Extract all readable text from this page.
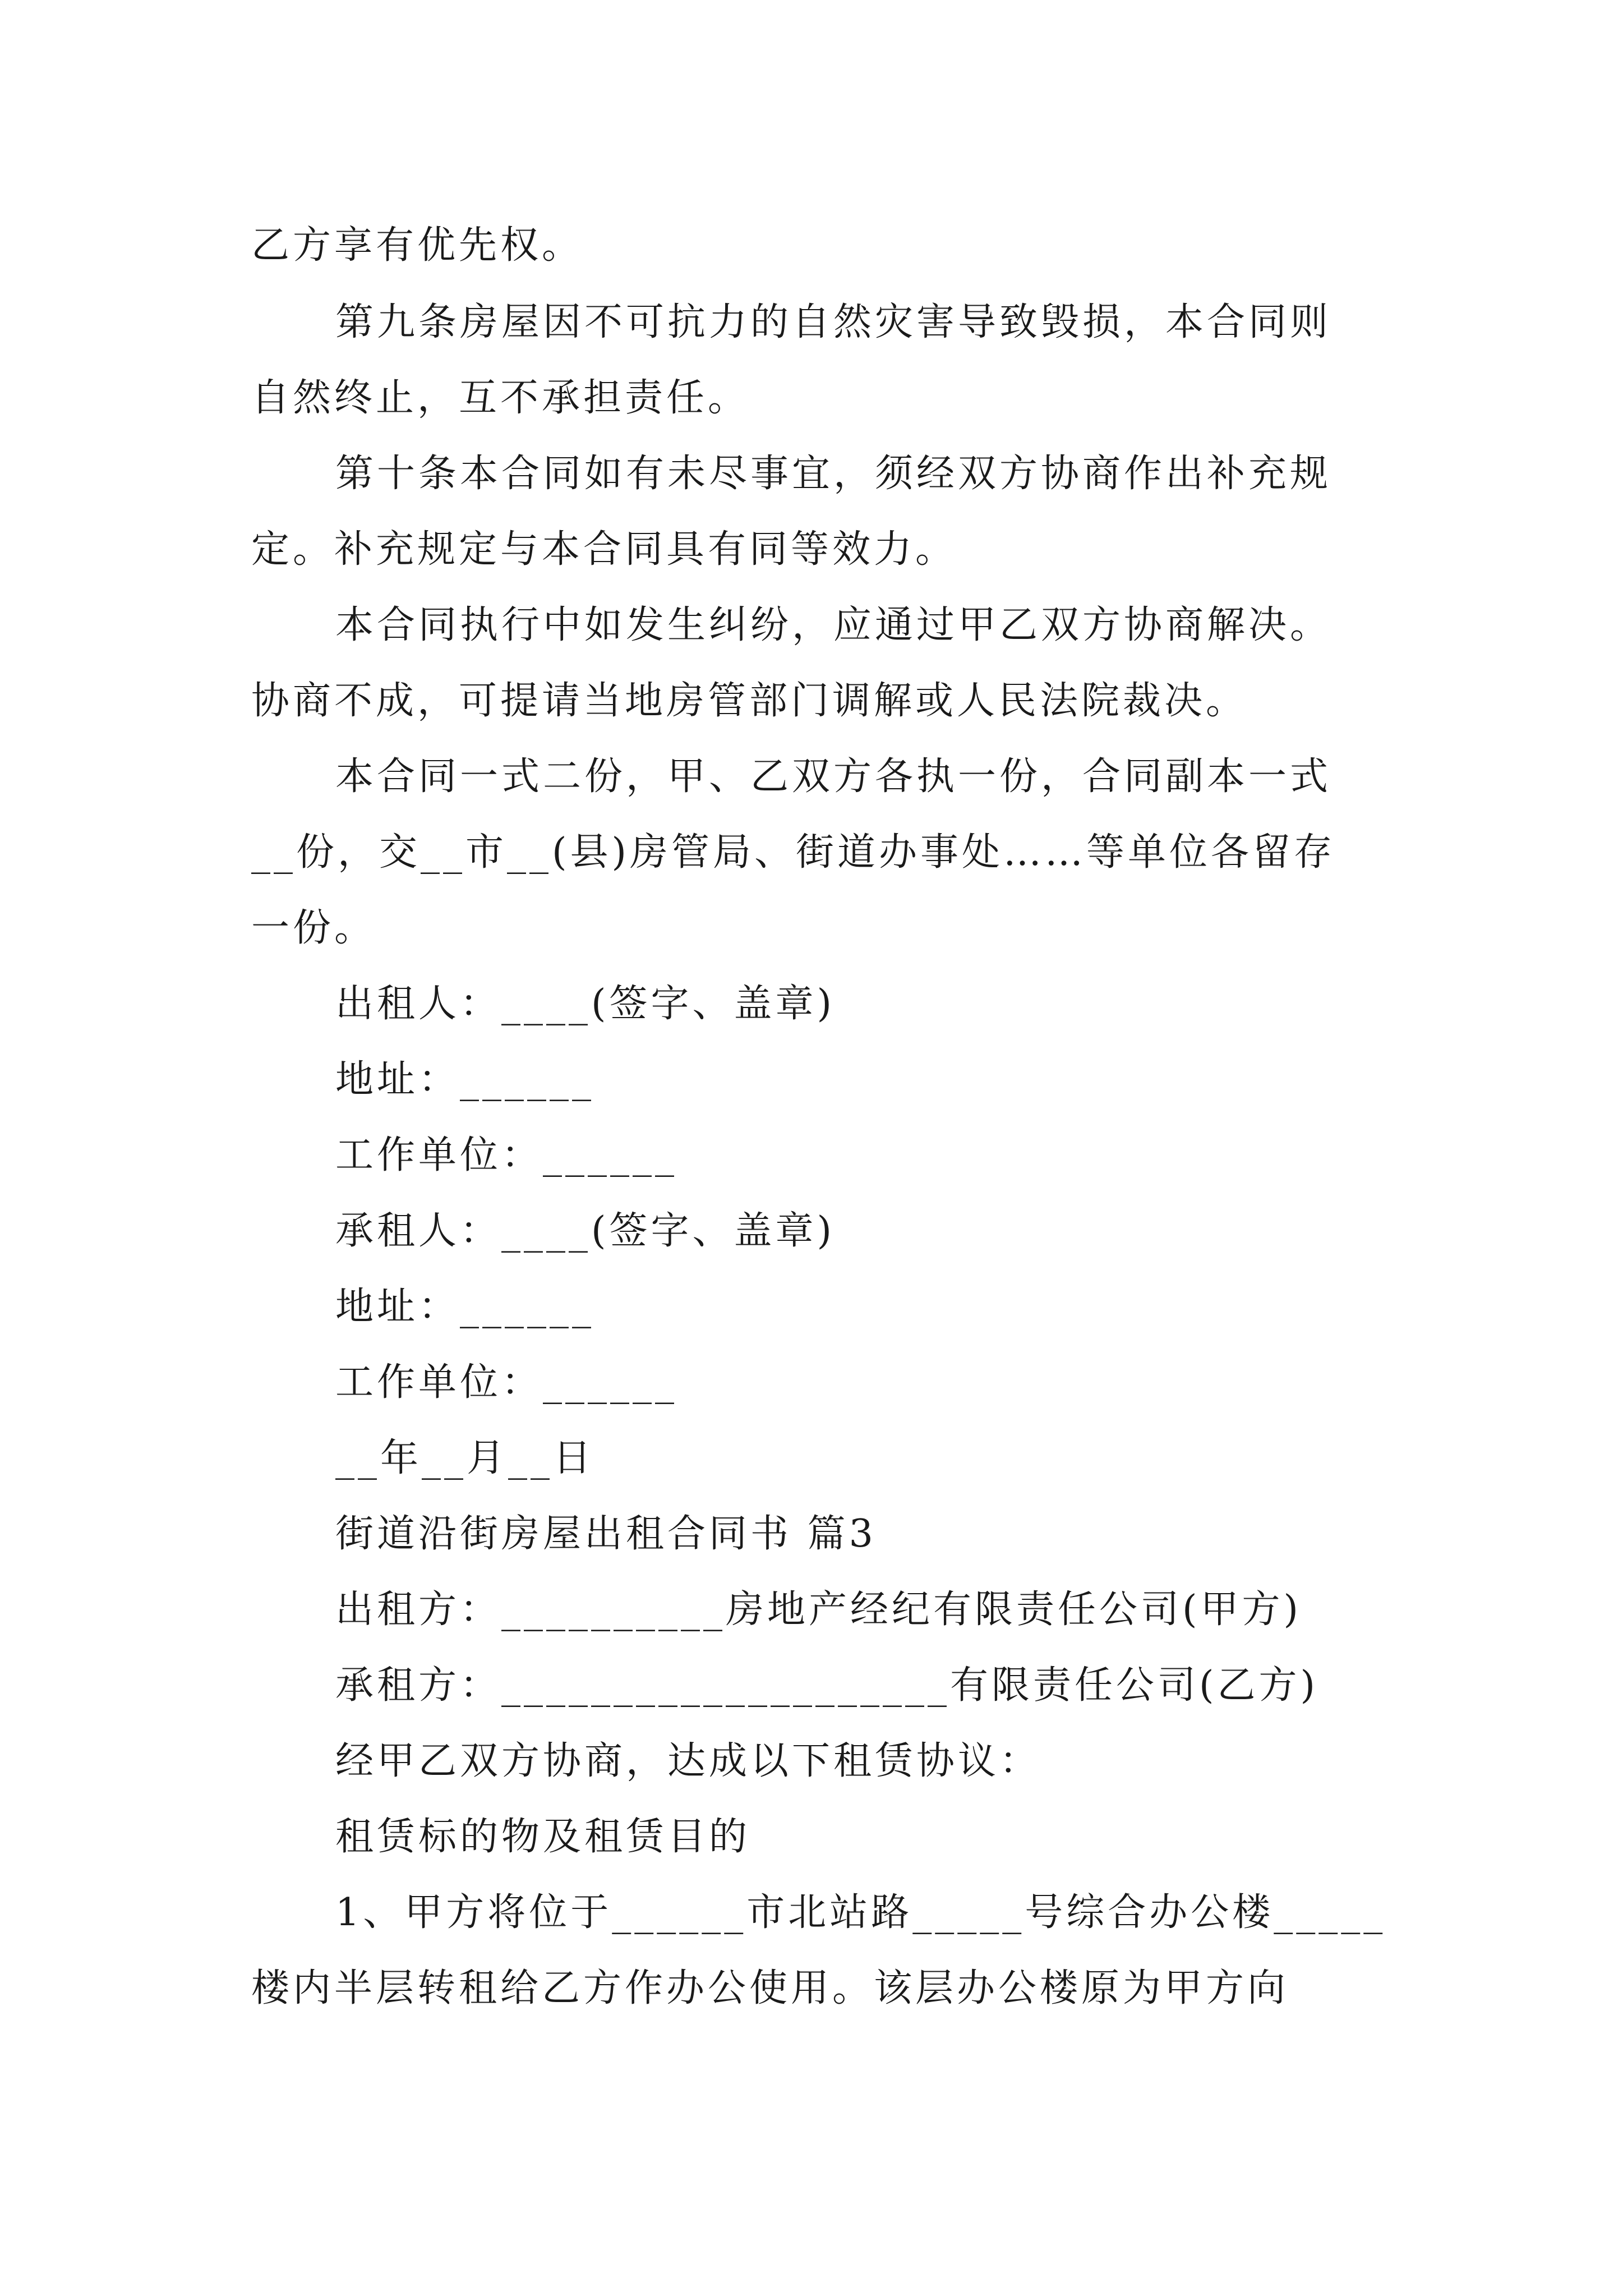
乙方享有优先权。
第九条房屋因不可抗力的自然灾害导致毁损，本合同则
自然终止，互不承担责任。
第十条本合同如有未尽事宜，须经双方协商作出补充规
定。补充规定与本合同具有同等效力。
本合同执行中如发生纠纷，应通过甲乙双方协商解决。
协商不成，可提请当地房管部门调解或人民法院裁决。
本合同一式二份，甲、乙双方各执一份，合同副本一式
__份，交__市__(县)房管局、街道办事处……等单位各留存
一份。
出租人：____(签字、盖章)
地址：______
工作单位：______
承租人：____(签字、盖章)
地址：______
工作单位：______
__年__月__日
街道沿街房屋出租合同书 篇3
出租方：__________房地产经纪有限责任公司(甲方)
承租方：____________________有限责任公司(乙方)
经甲乙双方协商，达成以下租赁协议：
租赁标的物及租赁目的
1、甲方将位于______市北站路_____号综合办公楼_____
楼内半层转租给乙方作办公使用。该层办公楼原为甲方向
